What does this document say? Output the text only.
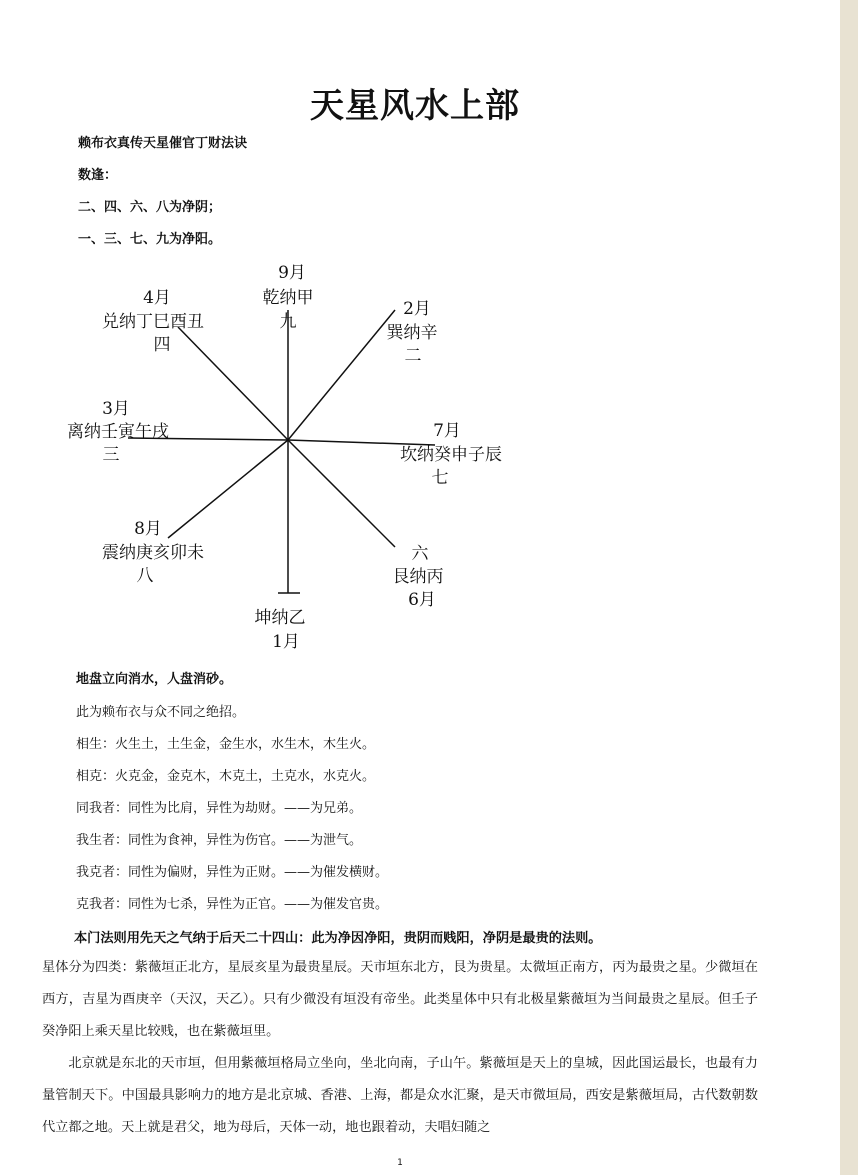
天星风水上部
赖布衣真传天星催官丁财法诀
数逢：
二、四、六、八为净阴；
一、三、七、九为净阳。
9月
乾纳甲
九
2月
巽纳辛
二
7月
坎纳癸申子辰
七
六
艮纳丙
6月
坤纳乙
1月
8月
震纳庚亥卯未
八
3月
离纳壬寅午戌
三
4月
兑纳丁巳酉丑
四
地盘立向消水，人盘消砂。
此为赖布衣与众不同之绝招。
相生：火生土，土生金，金生水，水生木，木生火。
相克：火克金，金克木，木克土，土克水，水克火。
同我者：同性为比肩，异性为劫财。——为兄弟。
我生者：同性为食神，异性为伤官。——为泄气。
我克者：同性为偏财，异性为正财。——为催发横财。
克我者：同性为七杀，异性为正官。——为催发官贵。
本门法则用先天之气纳于后天二十四山：此为净因净阳，贵阴而贱阳，净阴是最贵的法则。

星体分为四类：紫薇垣正北方，星辰亥星为最贵星辰。天市垣东北方，艮为贵星。太微垣正南方，丙为最贵之星。少微垣在西方，吉星为酉庚辛（天汉，天乙）。只有少微没有垣没有帝坐。此类星体中只有北极星紫薇垣为当间最贵之星辰。但壬子癸净阳上乘天星比较贱，也在紫薇垣里。

北京就是东北的天市垣，但用紫薇垣格局立坐向，坐北向南，子山午。紫薇垣是天上的皇城，因此国运最长，也最有力量管制天下。中国最具影响力的地方是北京城、香港、上海，都是众水汇聚，是天市微垣局，西安是紫薇垣局，古代数朝数代立都之地。天上就是君父，地为母后，天体一动，地也跟着动，夫唱妇随之

1
